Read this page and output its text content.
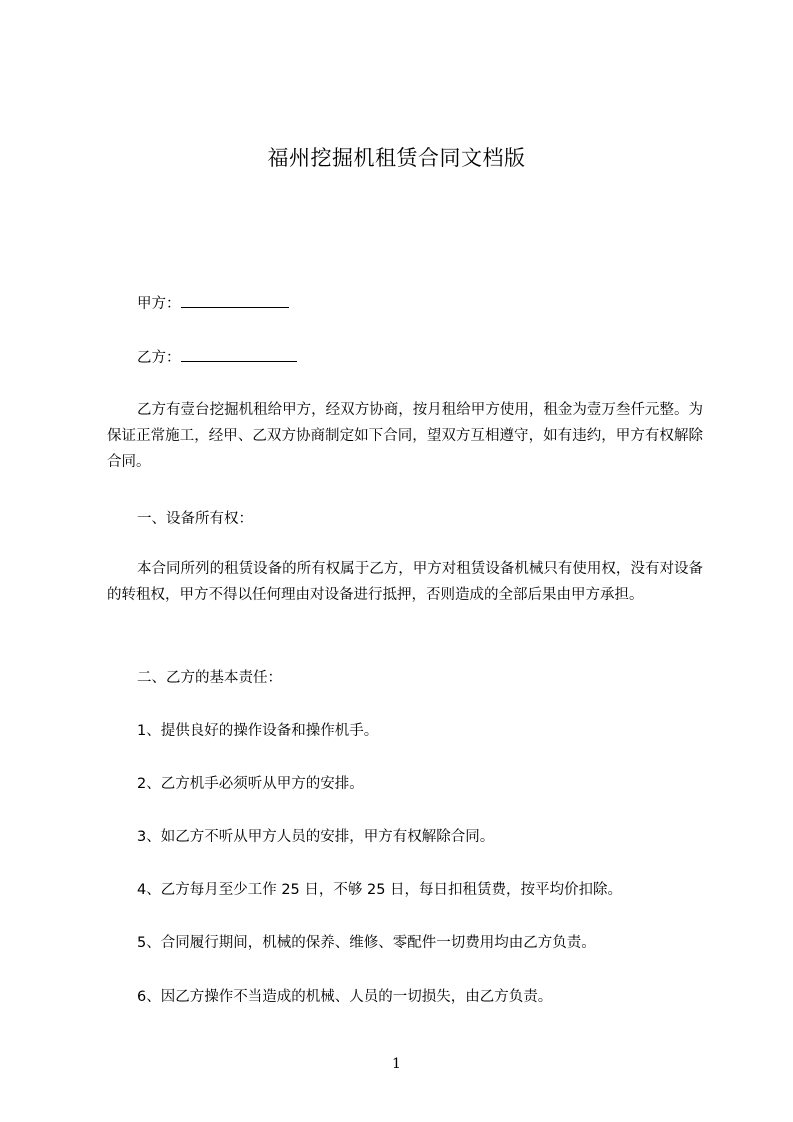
福州挖掘机租赁合同文档版
甲方：
乙方：
乙方有壹台挖掘机租给甲方，经双方协商，按月租给甲方使用，租金为壹万叁仟元整。为保证正常施工，经甲、乙双方协商制定如下合同，望双方互相遵守，如有违约，甲方有权解除合同。
一、设备所有权：
本合同所列的租赁设备的所有权属于乙方，甲方对租赁设备机械只有使用权，没有对设备的转租权，甲方不得以任何理由对设备进行抵押，否则造成的全部后果由甲方承担。
二、乙方的基本责任：
1、提供良好的操作设备和操作机手。
2、乙方机手必须听从甲方的安排。
3、如乙方不听从甲方人员的安排，甲方有权解除合同。
4、乙方每月至少工作 25 日，不够 25 日，每日扣租赁费，按平均价扣除。
5、合同履行期间，机械的保养、维修、零配件一切费用均由乙方负责。
6、因乙方操作不当造成的机械、人员的一切损失，由乙方负责。
1
